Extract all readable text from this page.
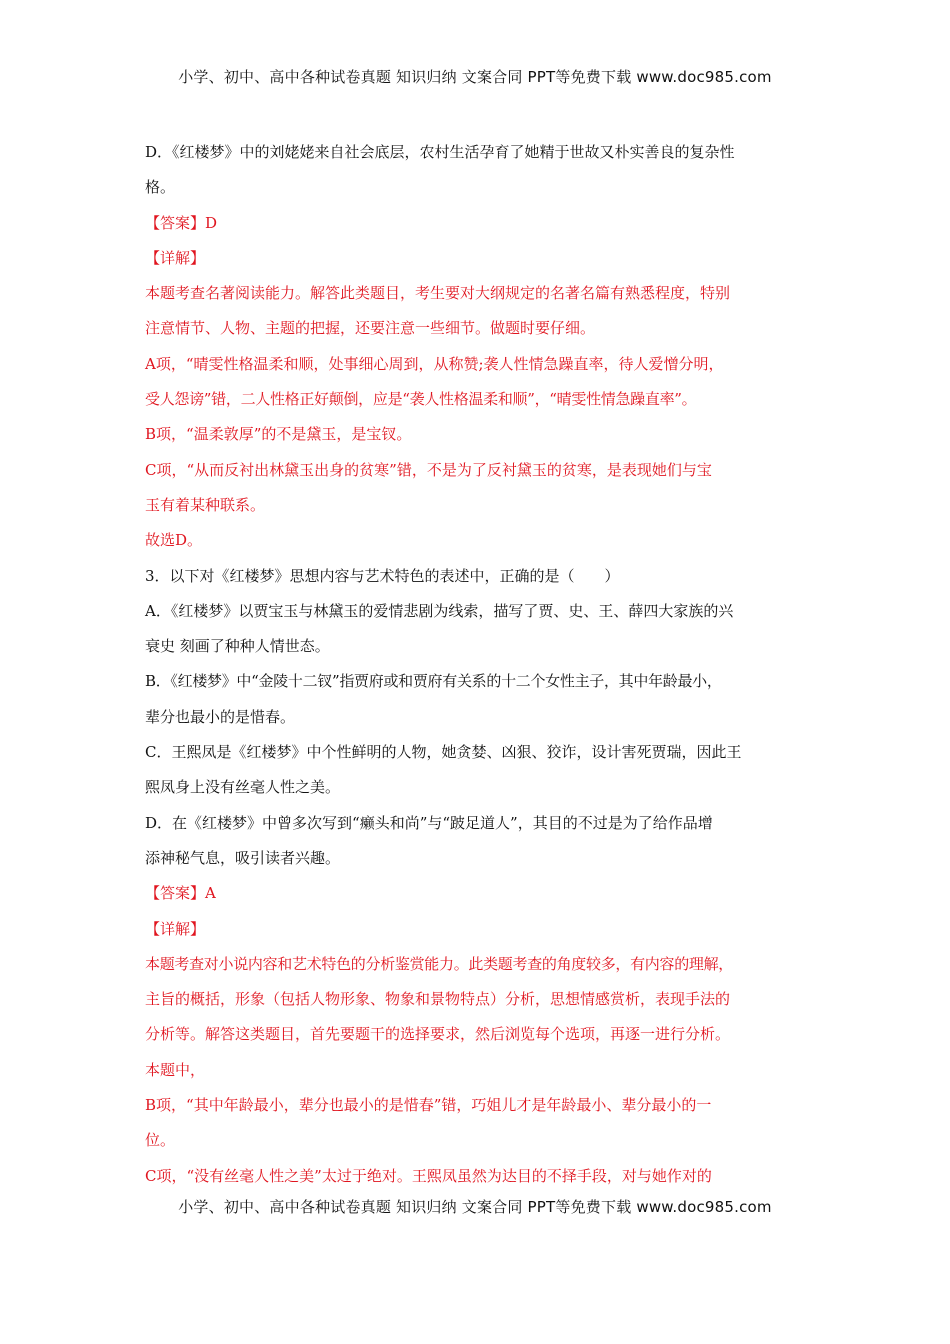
小学、初中、高中各种试卷真题 知识归纳 文案合同 PPT等免费下载 www.doc985.com
D．《红楼梦》中的刘姥姥来自社会底层，农村生活孕育了她精于世故又朴实善良的复杂性
格。
【答案】D
【详解】
本题考查名著阅读能力。解答此类题目，考生要对大纲规定的名著名篇有熟悉程度，特别
注意情节、人物、主题的把握，还要注意一些细节。做题时要仔细。
A项，“晴雯性格温柔和顺，处事细心周到，从称赞;袭人性情急躁直率，待人爱憎分明，
受人怨谤”错，二人性格正好颠倒，应是“袭人性格温柔和顺”，“晴雯性情急躁直率”。
B项，“温柔敦厚”的不是黛玉，是宝钗。
C项，“从而反衬出林黛玉出身的贫寒”错，不是为了反衬黛玉的贫寒，是表现她们与宝
玉有着某种联系。
故选D。
3．以下对《红楼梦》思想内容与艺术特色的表述中，正确的是（　　）
A．《红楼梦》以贾宝玉与林黛玉的爱情悲剧为线索，描写了贾、史、王、薛四大家族的兴
衰史 刻画了种种人情世态。
B．《红楼梦》中“金陵十二钗”指贾府或和贾府有关系的十二个女性主子，其中年龄最小，
辈分也最小的是惜春。
C．王熙凤是《红楼梦》中个性鲜明的人物，她贪婪、凶狠、狡诈，设计害死贾瑞，因此王
熙凤身上没有丝毫人性之美。
D．在《红楼梦》中曾多次写到“癞头和尚”与“跛足道人”，其目的不过是为了给作品增
添神秘气息，吸引读者兴趣。
【答案】A
【详解】
本题考查对小说内容和艺术特色的分析鉴赏能力。此类题考查的角度较多，有内容的理解，
主旨的概括，形象（包括人物形象、物象和景物特点）分析，思想情感赏析，表现手法的
分析等。解答这类题目，首先要题干的选择要求，然后浏览每个选项，再逐一进行分析。
本题中，
B项，“其中年龄最小，辈分也最小的是惜春”错，巧姐儿才是年龄最小、辈分最小的一
位。
C项，“没有丝毫人性之美”太过于绝对。王熙凤虽然为达目的不择手段，对与她作对的
小学、初中、高中各种试卷真题 知识归纳 文案合同 PPT等免费下载 www.doc985.com
